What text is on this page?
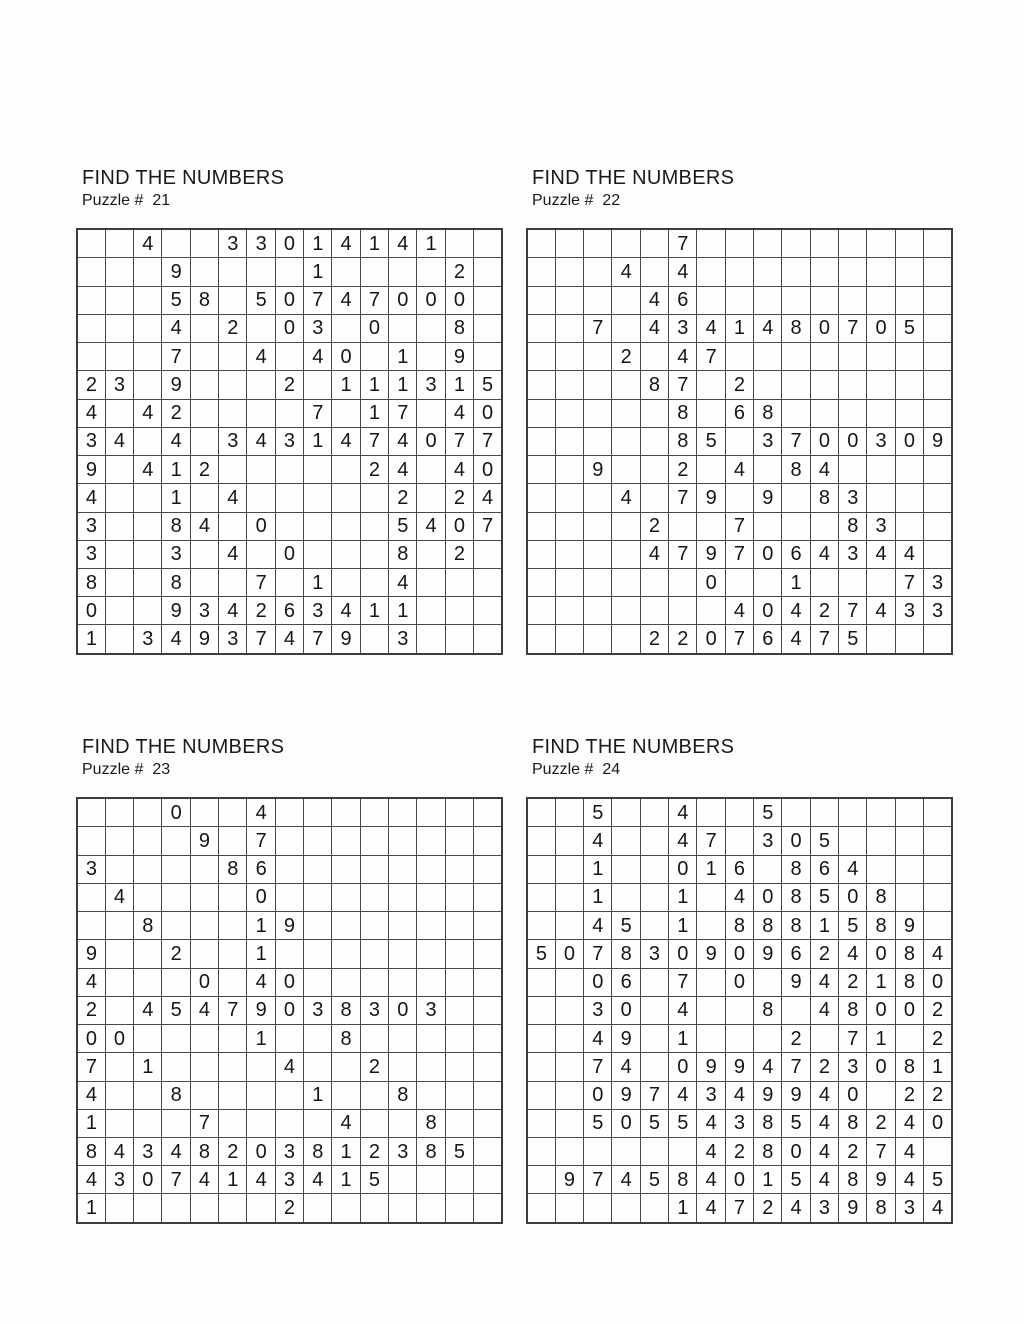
FIND THE NUMBERS
Puzzle # 21
		4			3	3	0	1	4	1	4	1		
			9					1					2	
			5	8		5	0	7	4	7	0	0	0	
			4		2		0	3		0			8	
			7			4		4	0		1		9	
2	3		9				2		1	1	1	3	1	5
4		4	2					7		1	7		4	0
3	4		4		3	4	3	1	4	7	4	0	7	7
9		4	1	2						2	4		4	0
4			1		4						2		2	4
3			8	4		0					5	4	0	7
3			3		4		0				8		2	
8			8			7		1			4			
0			9	3	4	2	6	3	4	1	1			
1		3	4	9	3	7	4	7	9		3			
FIND THE NUMBERS
Puzzle # 22
					7									
			4		4									
				4	6									
		7		4	3	4	1	4	8	0	7	0	5	
			2		4	7								
				8	7		2							
					8		6	8						
					8	5		3	7	0	0	3	0	9
		9			2		4		8	4				
			4		7	9		9		8	3			
				2			7				8	3		
				4	7	9	7	0	6	4	3	4	4	
						0			1				7	3
							4	0	4	2	7	4	3	3
				2	2	0	7	6	4	7	5			
FIND THE NUMBERS
Puzzle # 23
			0			4								
				9		7								
3					8	6								
	4					0								
		8				1	9							
9			2			1								
4				0		4	0							
2		4	5	4	7	9	0	3	8	3	0	3		
0	0					1			8					
7		1					4			2				
4			8					1			8			
1				7					4			8		
8	4	3	4	8	2	0	3	8	1	2	3	8	5	
4	3	0	7	4	1	4	3	4	1	5				
1							2							
FIND THE NUMBERS
Puzzle # 24
		5			4			5						
		4			4	7		3	0	5				
		1			0	1	6		8	6	4			
		1			1		4	0	8	5	0	8		
		4	5		1		8	8	8	1	5	8	9	
5	0	7	8	3	0	9	0	9	6	2	4	0	8	4
		0	6		7		0		9	4	2	1	8	0
		3	0		4			8		4	8	0	0	2
		4	9		1				2		7	1		2
		7	4		0	9	9	4	7	2	3	0	8	1
		0	9	7	4	3	4	9	9	4	0		2	2
		5	0	5	5	4	3	8	5	4	8	2	4	0
						4	2	8	0	4	2	7	4	
	9	7	4	5	8	4	0	1	5	4	8	9	4	5
					1	4	7	2	4	3	9	8	3	4
